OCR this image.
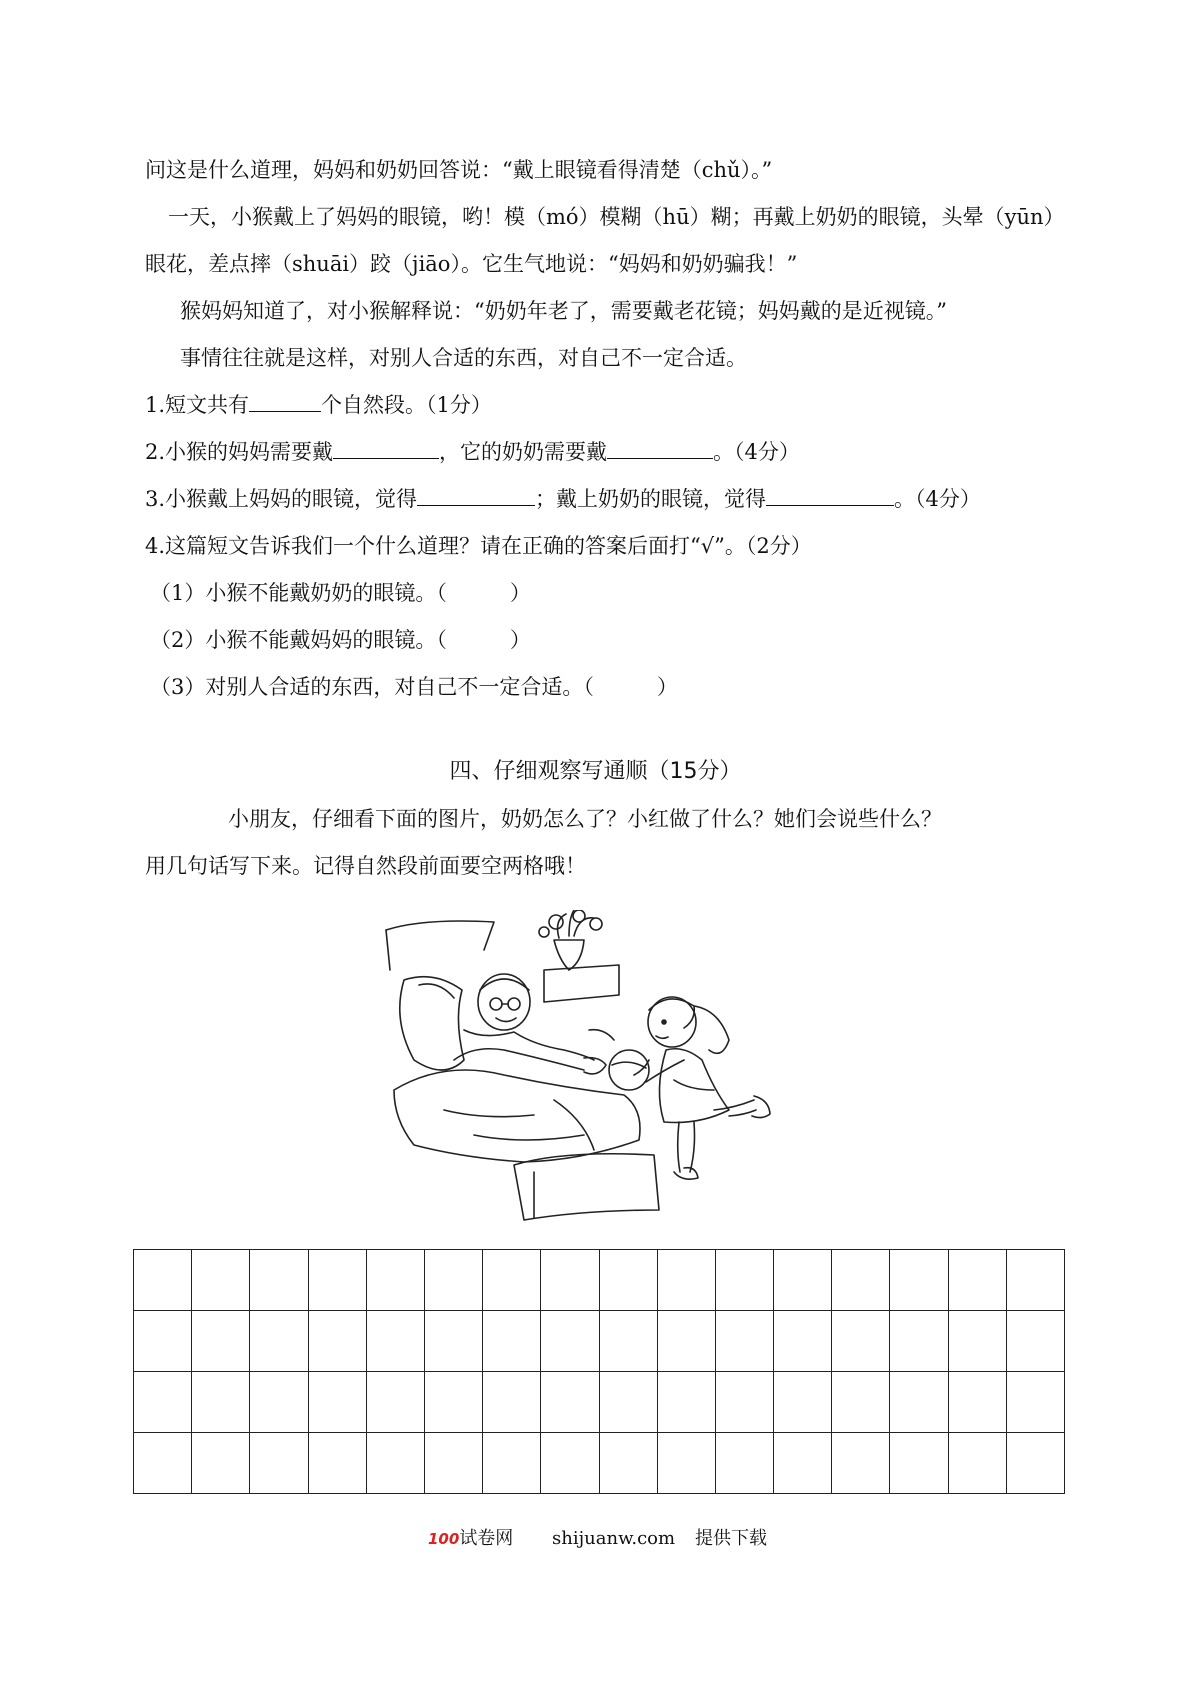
问这是什么道理，妈妈和奶奶回答说：“戴上眼镜看得清楚（chǔ）。”
一天，小猴戴上了妈妈的眼镜，哟！模（mó）模糊（hū）糊；再戴上奶奶的眼镜，头晕（yūn）
眼花，差点摔（shuāi）跤（jiāo）。它生气地说：“妈妈和奶奶骗我！”
猴妈妈知道了，对小猴解释说：“奶奶年老了，需要戴老花镜；妈妈戴的是近视镜。”
事情往往就是这样，对别人合适的东西，对自己不一定合适。
1.短文共有	个自然段。（1分）
2.小猴的妈妈需要戴	，它的奶奶需要戴	。（4分）
3.小猴戴上妈妈的眼镜，觉得	；戴上奶奶的眼镜，觉得	。（4分）
4.这篇短文告诉我们一个什么道理？请在正确的答案后面打“√”。（2分）
（1）小猴不能戴奶奶的眼镜。（　　　）
（2）小猴不能戴妈妈的眼镜。（　　　）
（3）对别人合适的东西，对自己不一定合适。（　　　）
四、仔细观察写通顺（15分）
小朋友，仔细看下面的图片，奶奶怎么了？小红做了什么？她们会说些什么？
用几句话写下来。记得自然段前面要空两格哦！

100试卷网 shijuanw.com 提供下载
